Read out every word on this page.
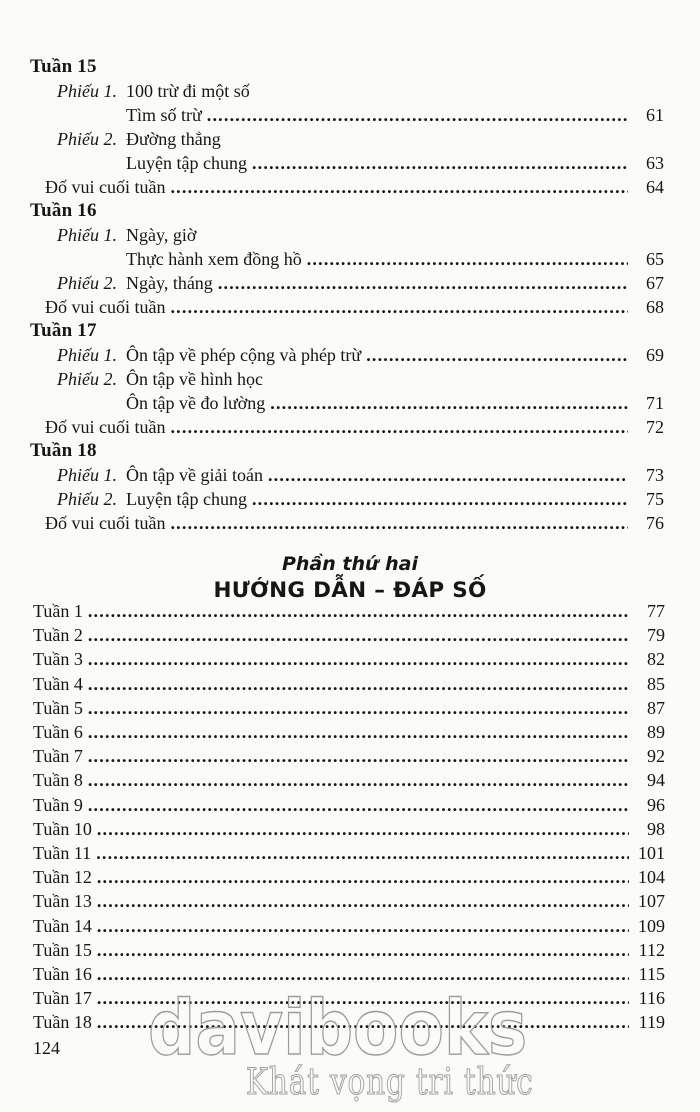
Tuần 15
Phiếu 1. 100 trừ đi một số
Tìm số trừ .....	61
Phiếu 2. Đường thẳng
Luyện tập chung .....	63
Đố vui cuối tuần .....	64
Tuần 16
Phiếu 1. Ngày, giờ
Thực hành xem đồng hồ .....	65
Phiếu 2. Ngày, tháng .....	67
Đố vui cuối tuần .....	68
Tuần 17
Phiếu 1. Ôn tập về phép cộng và phép trừ .....	69
Phiếu 2. Ôn tập về hình học
Ôn tập về đo lường .....	71
Đố vui cuối tuần .....	72
Tuần 18
Phiếu 1. Ôn tập về giải toán .....	73
Phiếu 2. Luyện tập chung .....	75
Đố vui cuối tuần .....	76
Phần thứ hai
HƯỚNG DẪN – ĐÁP SỐ
Tuần 1 .....	77
Tuần 2 .....	79
Tuần 3 .....	82
Tuần 4 .....	85
Tuần 5 .....	87
Tuần 6 .....	89
Tuần 7 .....	92
Tuần 8 .....	94
Tuần 9 .....	96
Tuần 10 .....	98
Tuần 11 .....	101
Tuần 12 .....	104
Tuần 13 .....	107
Tuần 14 .....	109
Tuần 15 .....	112
Tuần 16 .....	115
Tuần 17 .....	116
Tuần 18 .....	119
124 davibooks
Khát vọng tri thức
